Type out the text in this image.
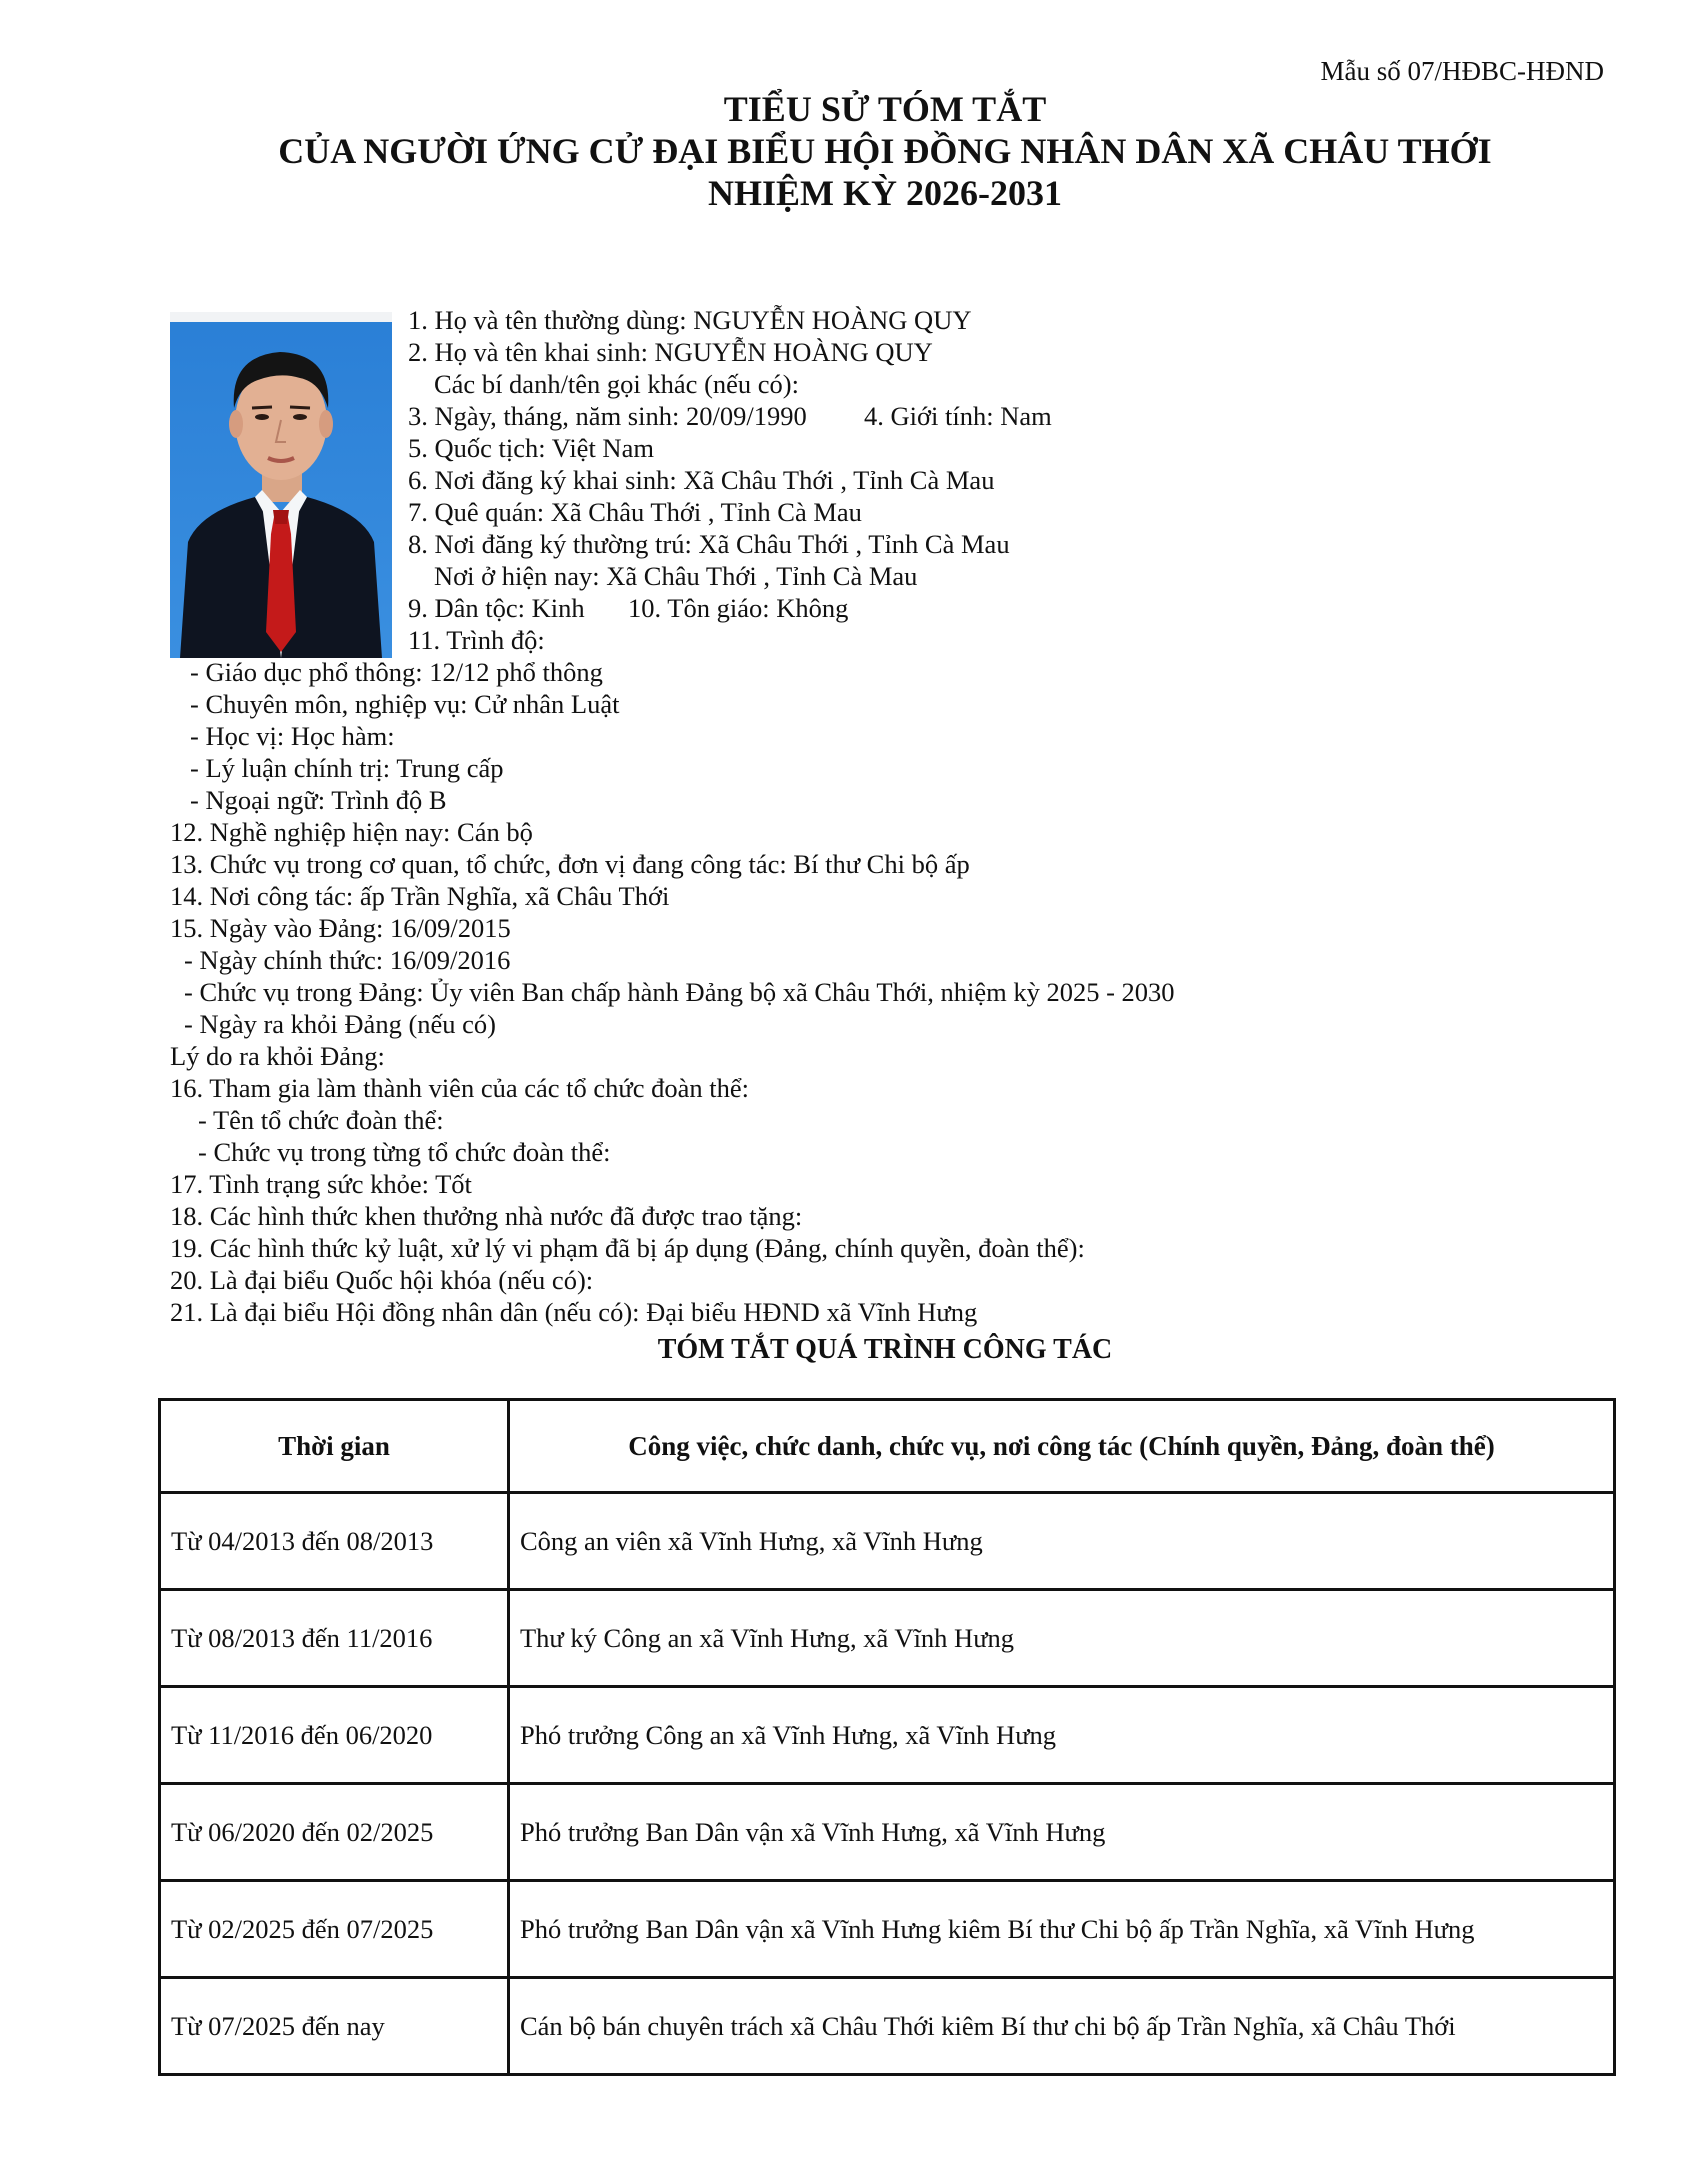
Mẫu số 07/HĐBC-HĐND
TIỂU SỬ TÓM TẮT
CỦA NGƯỜI ỨNG CỬ ĐẠI BIỂU HỘI ĐỒNG NHÂN DÂN XÃ CHÂU THỚI
NHIỆM KỲ 2026-2031
1. Họ và tên thường dùng: NGUYỄN HOÀNG QUY
2. Họ và tên khai sinh: NGUYỄN HOÀNG QUY
Các bí danh/tên gọi khác (nếu có):
3. Ngày, tháng, năm sinh: 20/09/1990 4. Giới tính: Nam
5. Quốc tịch: Việt Nam
6. Nơi đăng ký khai sinh: Xã Châu Thới , Tỉnh Cà Mau
7. Quê quán: Xã Châu Thới , Tỉnh Cà Mau
8. Nơi đăng ký thường trú: Xã Châu Thới , Tỉnh Cà Mau
Nơi ở hiện nay: Xã Châu Thới , Tỉnh Cà Mau
9. Dân tộc: Kinh 10. Tôn giáo: Không
11. Trình độ:
- Giáo dục phổ thông: 12/12 phổ thông
- Chuyên môn, nghiệp vụ: Cử nhân Luật
- Học vị: Học hàm:
- Lý luận chính trị: Trung cấp
- Ngoại ngữ: Trình độ B
12. Nghề nghiệp hiện nay: Cán bộ
13. Chức vụ trong cơ quan, tổ chức, đơn vị đang công tác: Bí thư Chi bộ ấp
14. Nơi công tác: ấp Trần Nghĩa, xã Châu Thới
15. Ngày vào Đảng: 16/09/2015
- Ngày chính thức: 16/09/2016
- Chức vụ trong Đảng: Ủy viên Ban chấp hành Đảng bộ xã Châu Thới, nhiệm kỳ 2025 - 2030
- Ngày ra khỏi Đảng (nếu có)
Lý do ra khỏi Đảng:
16. Tham gia làm thành viên của các tổ chức đoàn thể:
- Tên tổ chức đoàn thể:
- Chức vụ trong từng tổ chức đoàn thể:
17. Tình trạng sức khỏe: Tốt
18. Các hình thức khen thưởng nhà nước đã được trao tặng:
19. Các hình thức kỷ luật, xử lý vi phạm đã bị áp dụng (Đảng, chính quyền, đoàn thể):
20. Là đại biểu Quốc hội khóa (nếu có):
21. Là đại biểu Hội đồng nhân dân (nếu có): Đại biểu HĐND xã Vĩnh Hưng
TÓM TẮT QUÁ TRÌNH CÔNG TÁC
Thời gian	Công việc, chức danh, chức vụ, nơi công tác (Chính quyền, Đảng, đoàn thể)
Từ 04/2013 đến 08/2013	Công an viên xã Vĩnh Hưng, xã Vĩnh Hưng
Từ 08/2013 đến 11/2016	Thư ký Công an xã Vĩnh Hưng, xã Vĩnh Hưng
Từ 11/2016 đến 06/2020	Phó trưởng Công an xã Vĩnh Hưng, xã Vĩnh Hưng
Từ 06/2020 đến 02/2025	Phó trưởng Ban Dân vận xã Vĩnh Hưng, xã Vĩnh Hưng
Từ 02/2025 đến 07/2025	Phó trưởng Ban Dân vận xã Vĩnh Hưng kiêm Bí thư Chi bộ ấp Trần Nghĩa, xã Vĩnh Hưng
Từ 07/2025 đến nay	Cán bộ bán chuyên trách xã Châu Thới kiêm Bí thư chi bộ ấp Trần Nghĩa, xã Châu Thới
